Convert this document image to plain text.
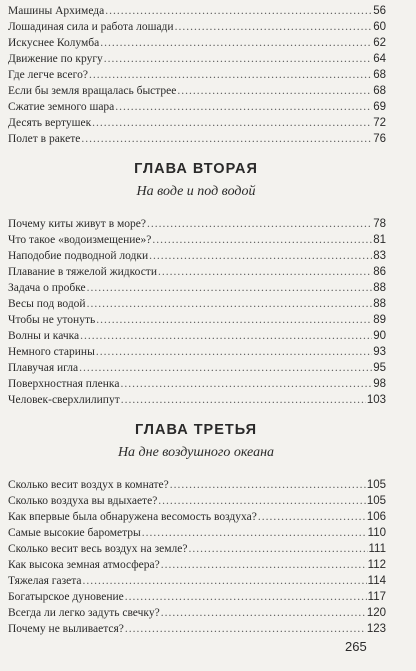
Машины Архимеда .....	56
Лошадиная сила и работа лошади .....	60
Искуснее Колумба .....	62
Движение по кругу .....	64
Где легче всего? .....	68
Если бы земля вращалась быстрее .....	68
Сжатие земного шара .....	69
Десять вертушек .....	72
Полет в ракете .....	76
ГЛАВА ВТОРАЯ
На воде и под водой
Почему киты живут в море? .....	78
Что такое «водоизмещение»? .....	81
Наподобие подводной лодки .....	83
Плавание в тяжелой жидкости .....	86
Задача о пробке .....	88
Весы под водой .....	88
Чтобы не утонуть .....	89
Волны и качка .....	90
Немного старины .....	93
Плавучая игла .....	95
Поверхностная пленка .....	98
Человек-сверхлилипут .....	103
ГЛАВА ТРЕТЬЯ
На дне воздушного океана
Сколько весит воздух в комнате? .....	105
Сколько воздуха вы вдыхаете? .....	105
Как впервые была обнаружена весомость воздуха? .....	106
Самые высокие барометры .....	110
Сколько весит весь воздух на земле? .....	111
Как высока земная атмосфера? .....	112
Тяжелая газета .....	114
Богатырское дуновение .....	117
Всегда ли легко задуть свечку? .....	120
Почему не выливается? .....	123
265
